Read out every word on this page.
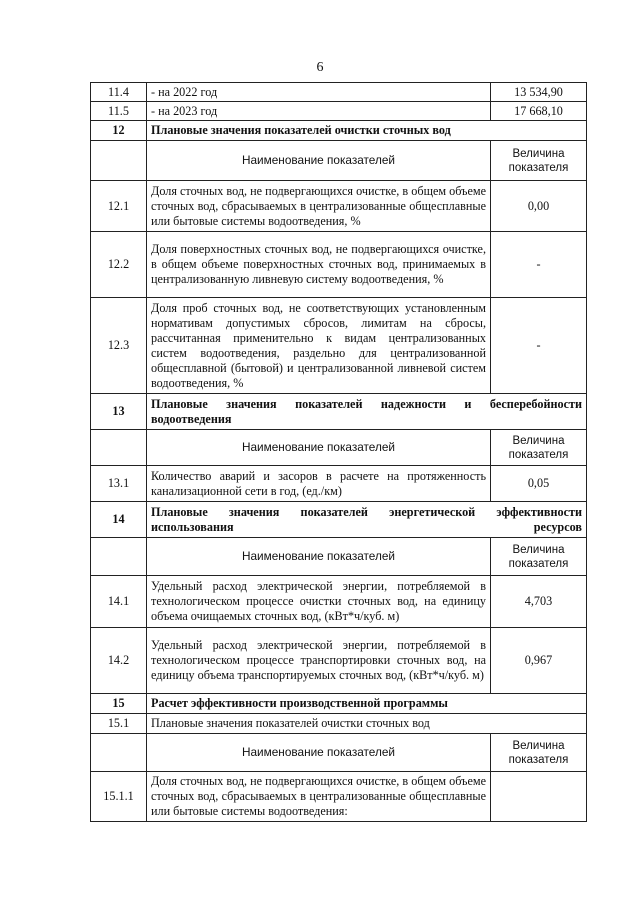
6
11.4	- на 2022 год	13 534,90
11.5	- на 2023 год	17 668,10
12	Плановые значения показателей очистки сточных вод	
	Наименование показателей	Величина показателя
12.1	Доля сточных вод, не подвергающихся очистке, в общем объеме сточных вод, сбрасываемых в централизованные общесплавные или бытовые системы водоотведения, %	0,00
12.2	Доля поверхностных сточных вод, не подвергающихся очистке, в общем объеме поверхностных сточных вод, принимаемых в централизованную ливневую систему водоотведения, %	-
12.3	Доля проб сточных вод, не соответствующих установленным нормативам допустимых сбросов, лимитам на сбросы, рассчитанная применительно к видам централизованных систем водоотведения, раздельно для централизованной общесплавной (бытовой) и централизованной ливневой систем водоотведения, %	-
13	Плановые значения показателей надежности и бесперебойности
водоотведения	

	Наименование показателей	Величина показателя
13.1	Количество аварий и засоров в расчете на протяженность канализационной сети в год, (ед./км)	0,05
14	Плановые значения показателей энергетической эффективности
использования ресурсов	

	Наименование показателей	Величина показателя
14.1	Удельный расход электрической энергии, потребляемой в технологическом процессе очистки сточных вод, на единицу объема очищаемых сточных вод, (кВт*ч/куб. м)	4,703
14.2	Удельный расход электрической энергии, потребляемой в технологическом процессе транспортировки сточных вод, на единицу объема транспортируемых сточных вод, (кВт*ч/куб. м)	0,967
15	Расчет эффективности производственной программы	
15.1	Плановые значения показателей очистки сточных вод	
	Наименование показателей	Величина показателя
15.1.1	Доля сточных вод, не подвергающихся очистке, в общем объеме сточных вод, сбрасываемых в централизованные общесплавные или бытовые системы водоотведения:	
